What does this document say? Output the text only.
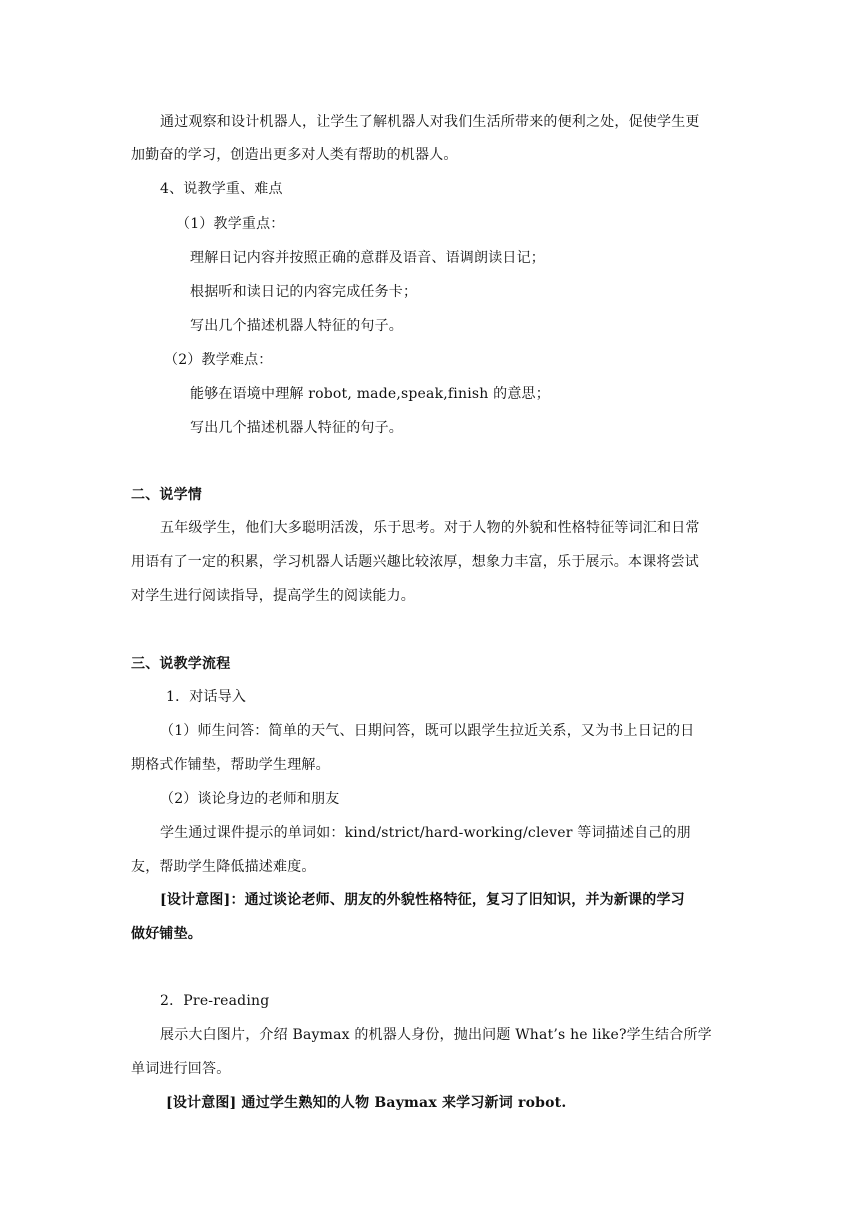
通过观察和设计机器人，让学生了解机器人对我们生活所带来的便利之处，促使学生更

加勤奋的学习，创造出更多对人类有帮助的机器人。

4、说教学重、难点

（1）教学重点：

理解日记内容并按照正确的意群及语音、语调朗读日记；

根据听和读日记的内容完成任务卡；

写出几个描述机器人特征的句子。

（2）教学难点：

能够在语境中理解 robot, made,speak,finish 的意思；

写出几个描述机器人特征的句子。

二、说学情

五年级学生，他们大多聪明活泼，乐于思考。对于人物的外貌和性格特征等词汇和日常

用语有了一定的积累，学习机器人话题兴趣比较浓厚，想象力丰富，乐于展示。本课将尝试

对学生进行阅读指导，提高学生的阅读能力。

三、说教学流程

1．对话导入

（1）师生问答：简单的天气、日期问答，既可以跟学生拉近关系，又为书上日记的日

期格式作铺垫，帮助学生理解。

（2）谈论身边的老师和朋友

学生通过课件提示的单词如：kind/strict/hard-working/clever 等词描述自己的朋

友，帮助学生降低描述难度。

[设计意图]：通过谈论老师、朋友的外貌性格特征，复习了旧知识，并为新课的学习

做好铺垫。

2．Pre-reading

展示大白图片，介绍 Baymax 的机器人身份，抛出问题 What’s he like?学生结合所学

单词进行回答。

[设计意图] 通过学生熟知的人物 Baymax 来学习新词 robot.
